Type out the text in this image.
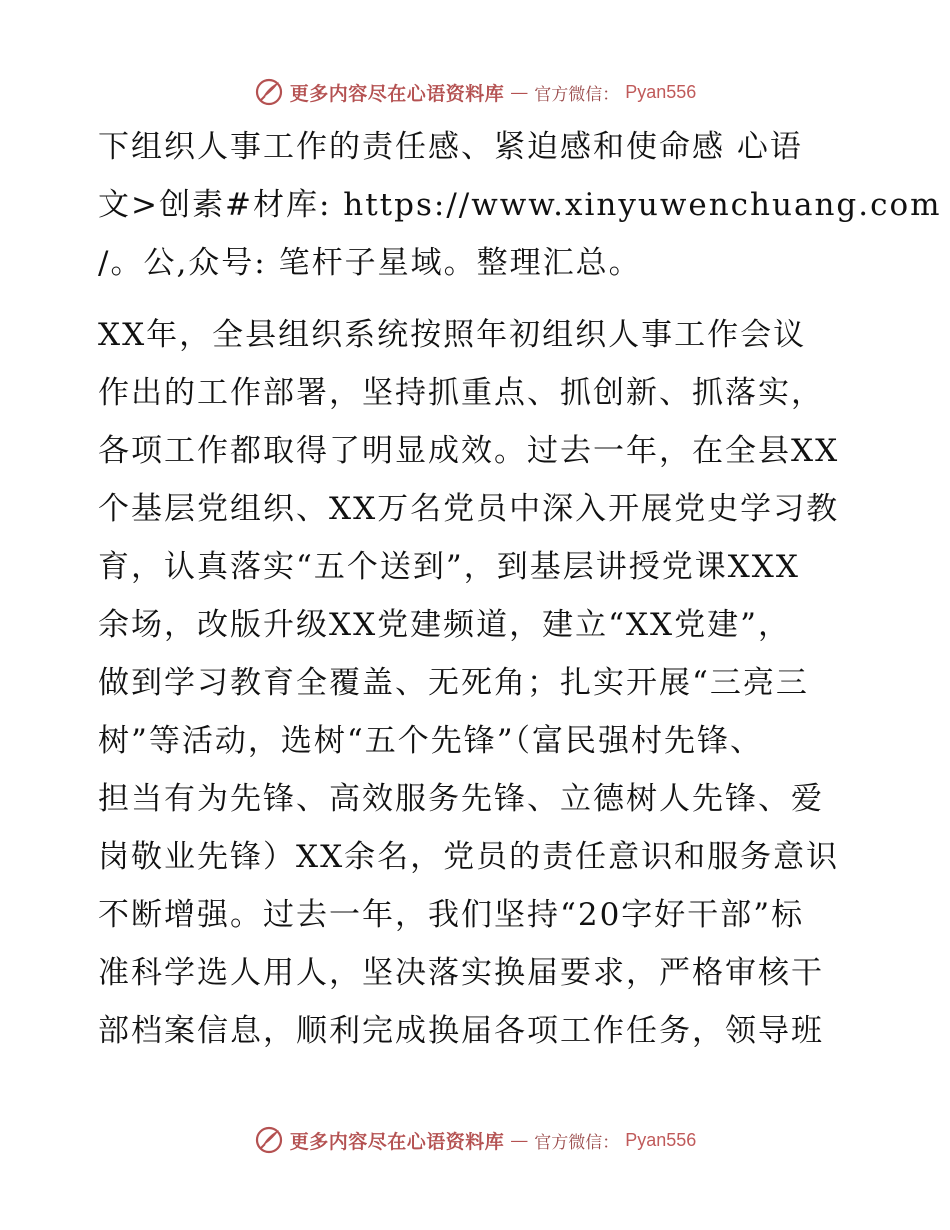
更多内容尽在心语资料库 — 官方微信： Pyan556
下组织人事工作的责任感、紧迫感和使命感 心语
文>创素#材库: https://www.xinyuwenchuang.com
/。公,众号: 笔杆子星域。整理汇总。
XX年，全县组织系统按照年初组织人事工作会议
作出的工作部署，坚持抓重点、抓创新、抓落实，
各项工作都取得了明显成效。过去一年，在全县XX
个基层党组织、XX万名党员中深入开展党史学习教
育，认真落实“五个送到”，到基层讲授党课XXX
余场，改版升级XX党建频道，建立“XX党建”，
做到学习教育全覆盖、无死角；扎实开展“三亮三
树”等活动，选树“五个先锋”（富民强村先锋、
担当有为先锋、高效服务先锋、立德树人先锋、爱
岗敬业先锋）XX余名，党员的责任意识和服务意识
不断增强。过去一年，我们坚持“20字好干部”标
准科学选人用人，坚决落实换届要求，严格审核干
部档案信息，顺利完成换届各项工作任务，领导班
更多内容尽在心语资料库 — 官方微信： Pyan556
